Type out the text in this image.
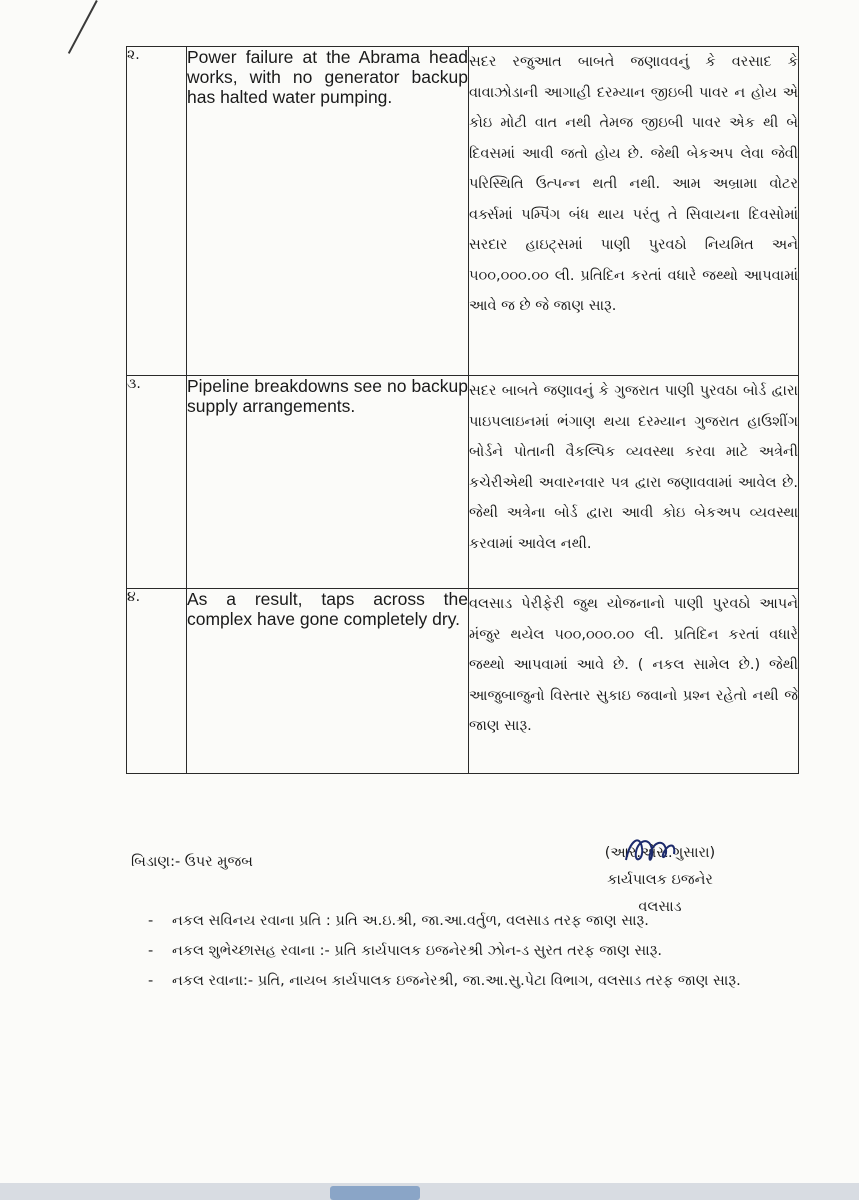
૨.	Power failure at the Abrama head works, with no generator backup has halted water pumping.	સદર રજુઆત બાબતે જણાવવનું કે વરસાદ કે વાવાઝોડાની આગાહી દરમ્યાન જીઇબી પાવર ન હોય એ કોઇ મોટી વાત નથી તેમજ જીઇબી પાવર એક થી બે દિવસમાં આવી જતો હોય છે. જેથી બેકઅપ લેવા જેવી પરિસ્થિતિ ઉત્પન્ન થતી નથી. આમ અબ્રામા વોટર વર્ક્સમાં પમ્પિંગ બંધ થાય પરંતુ તે સિવાયના દિવસોમાં સરદાર હાઇટ્સમાં પાણી પુરવઠો નિયમિત અને ૫૦૦,૦૦૦.૦૦ લી. પ્રતિદિન કરતાં વધારે જથ્થો આપવામાં આવે જ છે જે જાણ સારૂ.
૩.	Pipeline breakdowns see no backup supply arrangements.	સદર બાબતે જણાવનું કે ગુજરાત પાણી પુરવઠા બોર્ડ દ્વારા પાઇપલાઇનમાં ભંગાણ થયા દરમ્યાન ગુજરાત હાઉશીંગ બોર્ડને પોતાની વૈકલ્પિક વ્યવસ્થા કરવા માટે અત્રેની કચેરીએથી અવારનવાર પત્ર દ્વારા જણાવવામાં આવેલ છે. જેથી અત્રેના બોર્ડ દ્વારા આવી કોઇ બેકઅપ વ્યવસ્થા કરવામાં આવેલ નથી.
૪.	As a result, taps across the complex have gone completely dry.	વલસાડ પેરીફેરી જુથ યોજનાનો પાણી પુરવઠો આપને મંજુર થયેલ ૫૦૦,૦૦૦.૦૦ લી. પ્રતિદિન કરતાં વધારે જથ્થો આપવામાં આવે છે. ( નકલ સામેલ છે.) જેથી આજુબાજુનો વિસ્તાર સુકાઇ જવાનો પ્રશ્ન રહેતો નથી જે જાણ સારૂ.
બિડાણ:- ઉપર મુજબ
(આર.એસ.ગુસારા)
કાર્યપાલક ઇજનેર
વલસાડ
-	નકલ સવિનય રવાના પ્રતિ : પ્રતિ અ.ઇ.શ્રી, જા.આ.વર્તુળ, વલસાડ તરફ જાણ સારૂ.
-	નકલ શુભેચ્છાસહ રવાના :- પ્રતિ કાર્યપાલક ઇજનેરશ્રી ઝોન-ડ સુરત તરફ જાણ સારૂ.
-	નકલ રવાના:- પ્રતિ, નાયબ કાર્યપાલક ઇજનેરશ્રી, જા.આ.સુ.પેટા વિભાગ, વલસાડ તરફ જાણ સારૂ.
